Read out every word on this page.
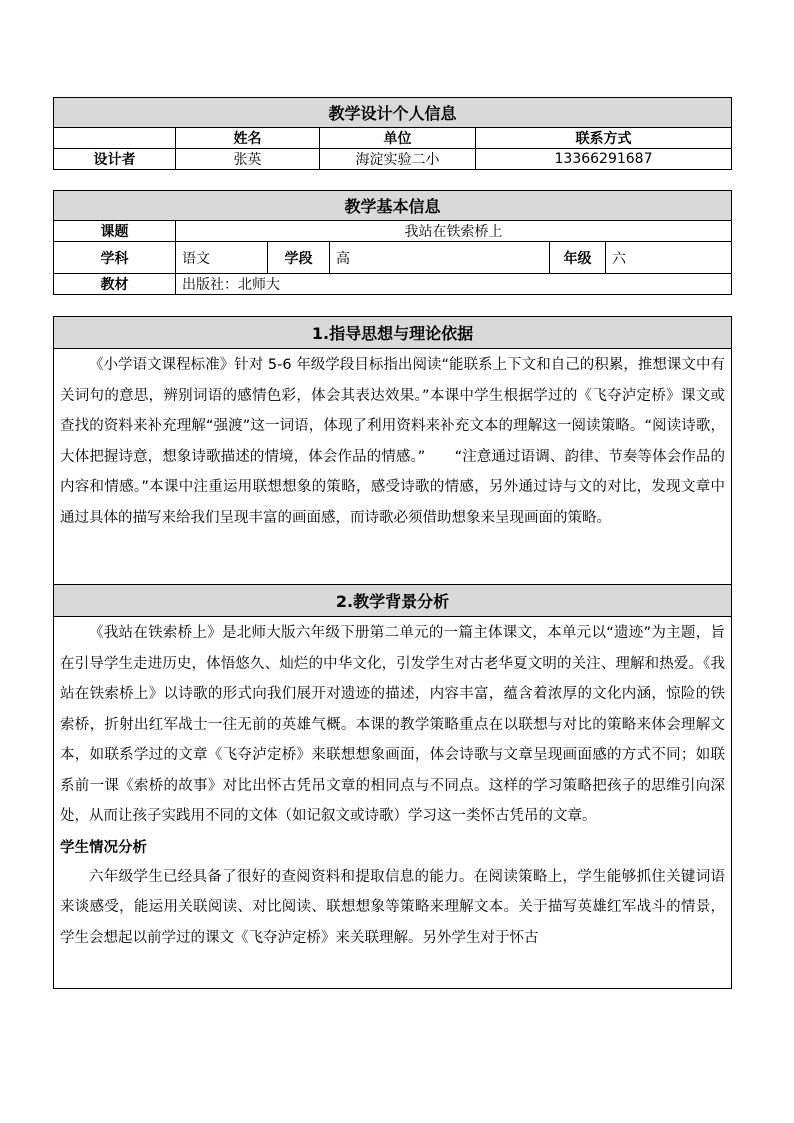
教学设计个人信息			
	姓名	单位	联系方式
设计者	张英	海淀实验二小	13366291687
教学基本信息					
课题	我站在铁索桥上				
学科	语文	学段	高	年级	六
教材	出版社：北师大				
1.指导思想与理论依据

《小学语文课程标准》针对 5-6 年级学段目标指出阅读“能联系上下文和自己的积累，推想课文中有关词句的意思，辨别词语的感情色彩，体会其表达效果。”本课中学生根据学过的《飞夺泸定桥》课文或查找的资料来补充理解“强渡”这一词语，体现了利用资料来补充文本的理解这一阅读策略。“阅读诗歌，大体把握诗意，想象诗歌描述的情境，体会作品的情感。”　　“注意通过语调、韵律、节奏等体会作品的内容和情感。”本课中注重运用联想想象的策略，感受诗歌的情感，另外通过诗与文的对比，发现文章中通过具体的描写来给我们呈现丰富的画面感，而诗歌必须借助想象来呈现画面的策略。

2.教学背景分析

《我站在铁索桥上》是北师大版六年级下册第二单元的一篇主体课文，本单元以“遗迹”为主题，旨在引导学生走进历史，体悟悠久、灿烂的中华文化，引发学生对古老华夏文明的关注、理解和热爱。《我站在铁索桥上》以诗歌的形式向我们展开对遗迹的描述，内容丰富，蕴含着浓厚的文化内涵，惊险的铁索桥，折射出红军战士一往无前的英雄气概。本课的教学策略重点在以联想与对比的策略来体会理解文本，如联系学过的文章《飞夺泸定桥》来联想想象画面，体会诗歌与文章呈现画面感的方式不同；如联系前一课《索桥的故事》对比出怀古凭吊文章的相同点与不同点。这样的学习策略把孩子的思维引向深处，从而让孩子实践用不同的文体（如记叙文或诗歌）学习这一类怀古凭吊的文章。

学生情况分析

六年级学生已经具备了很好的查阅资料和提取信息的能力。在阅读策略上，学生能够抓住关键词语来谈感受，能运用关联阅读、对比阅读、联想想象等策略来理解文本。关于描写英雄红军战斗的情景，学生会想起以前学过的课文《飞夺泸定桥》来关联理解。另外学生对于怀古
